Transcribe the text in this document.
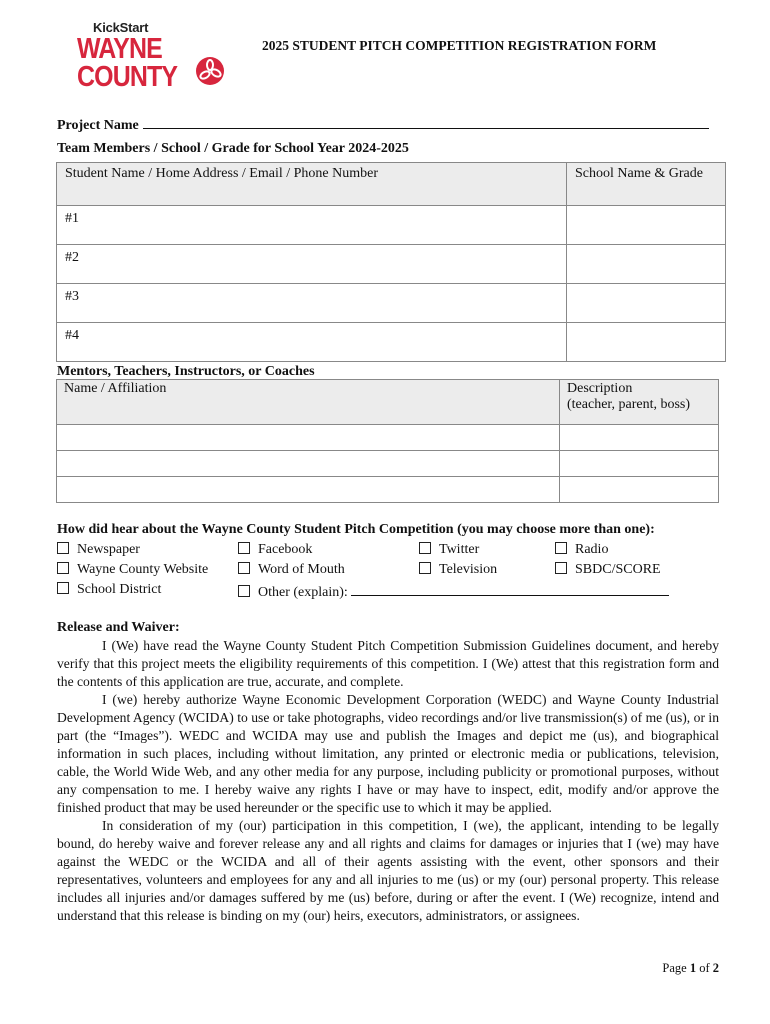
KickStart
WAYNE
COUNTY
2025 STUDENT PITCH COMPETITION REGISTRATION FORM
Project Name
Team Members / School / Grade for School Year 2024-2025
Student Name / Home Address / Email / Phone Number	School Name & Grade
#1	
#2	
#3	
#4	
Mentors, Teachers, Instructors, or Coaches
Name / Affiliation	Description
(teacher, parent, boss)

How did hear about the Wayne County Student Pitch Competition (you may choose more than one):
Newspaper	Facebook	Twitter	Radio
Wayne County Website	Word of Mouth	Television	SBDC/SCORE
School District	Other (explain):
Release and Waiver:

I (We) have read the Wayne County Student Pitch Competition Submission Guidelines document, and hereby verify that this project meets the eligibility requirements of this competition. I (We) attest that this registration form and the contents of this application are true, accurate, and complete.

I (we) hereby authorize Wayne Economic Development Corporation (WEDC) and Wayne County Industrial Development Agency (WCIDA) to use or take photographs, video recordings and/or live transmission(s) of me (us), or in part (the “Images”). WEDC and WCIDA may use and publish the Images and depict me (us), and biographical information in such places, including without limitation, any printed or electronic media or publications, television, cable, the World Wide Web, and any other media for any purpose, including publicity or promotional purposes, without any compensation to me. I hereby waive any rights I have or may have to inspect, edit, modify and/or approve the finished product that may be used hereunder or the specific use to which it may be applied.

In consideration of my (our) participation in this competition, I (we), the applicant, intending to be legally bound, do hereby waive and forever release any and all rights and claims for damages or injuries that I (we) may have against the WEDC or the WCIDA and all of their agents assisting with the event, other sponsors and their representatives, volunteers and employees for any and all injuries to me (us) or my (our) personal property. This release includes all injuries and/or damages suffered by me (us) before, during or after the event. I (We) recognize, intend and understand that this release is binding on my (our) heirs, executors, administrators, or assignees.

Page 1 of 2
